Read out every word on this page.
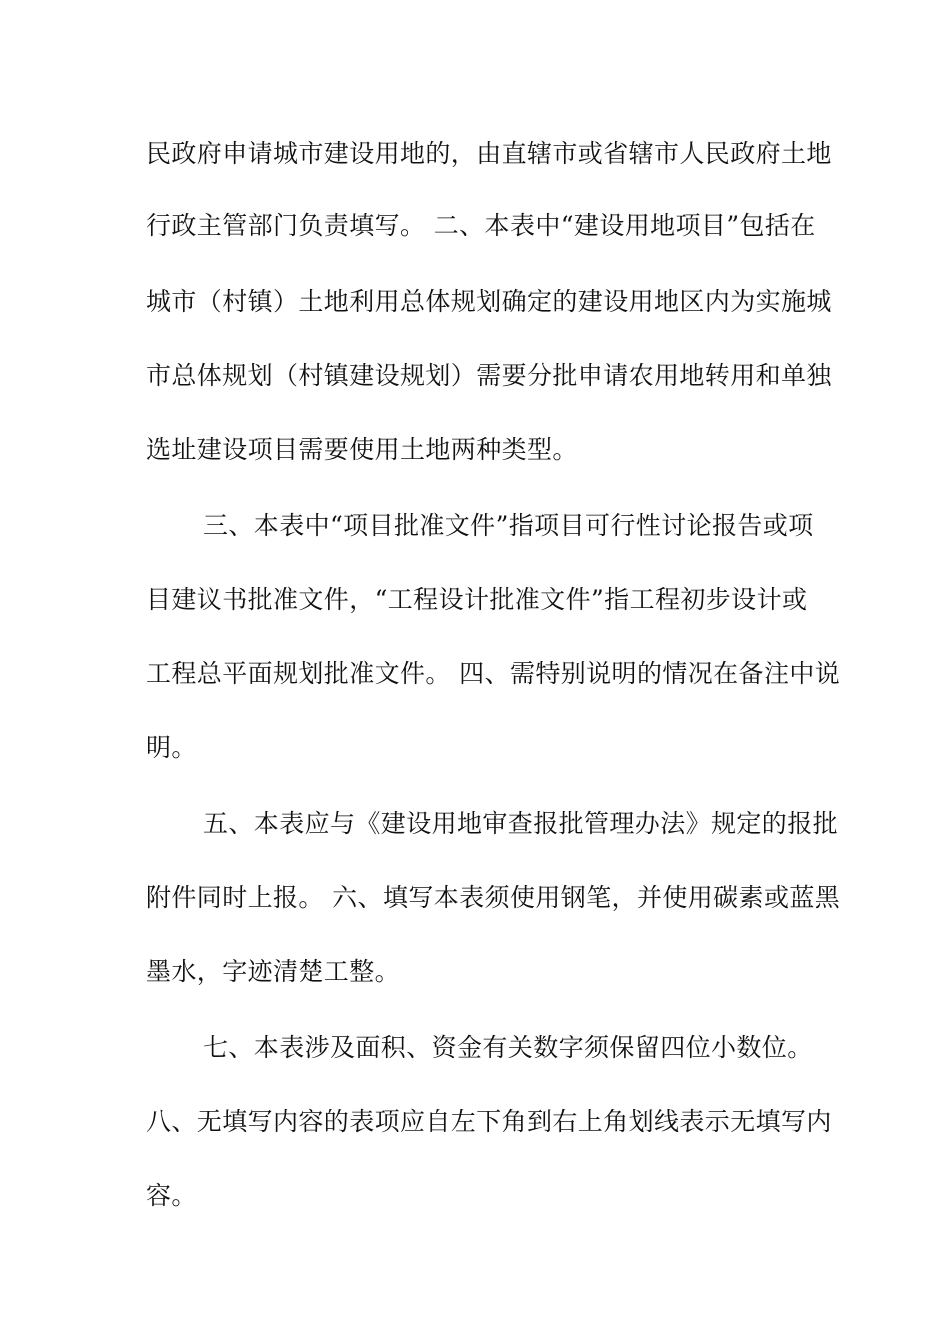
民政府申请城市建设用地的，由直辖市或省辖市人民政府土地
行政主管部门负责填写。 二、本表中“建设用地项目”包括在
城市（村镇）土地利用总体规划确定的建设用地区内为实施城
市总体规划（村镇建设规划）需要分批申请农用地转用和单独
选址建设项目需要使用土地两种类型。
三、本表中“项目批准文件”指项目可行性讨论报告或项
目建议书批准文件，“工程设计批准文件”指工程初步设计或
工程总平面规划批准文件。 四、需特别说明的情况在备注中说
明。
五、本表应与《建设用地审查报批管理办法》规定的报批
附件同时上报。 六、填写本表须使用钢笔，并使用碳素或蓝黑
墨水，字迹清楚工整。
七、本表涉及面积、资金有关数字须保留四位小数位。
八、无填写内容的表项应自左下角到右上角划线表示无填写内
容。
